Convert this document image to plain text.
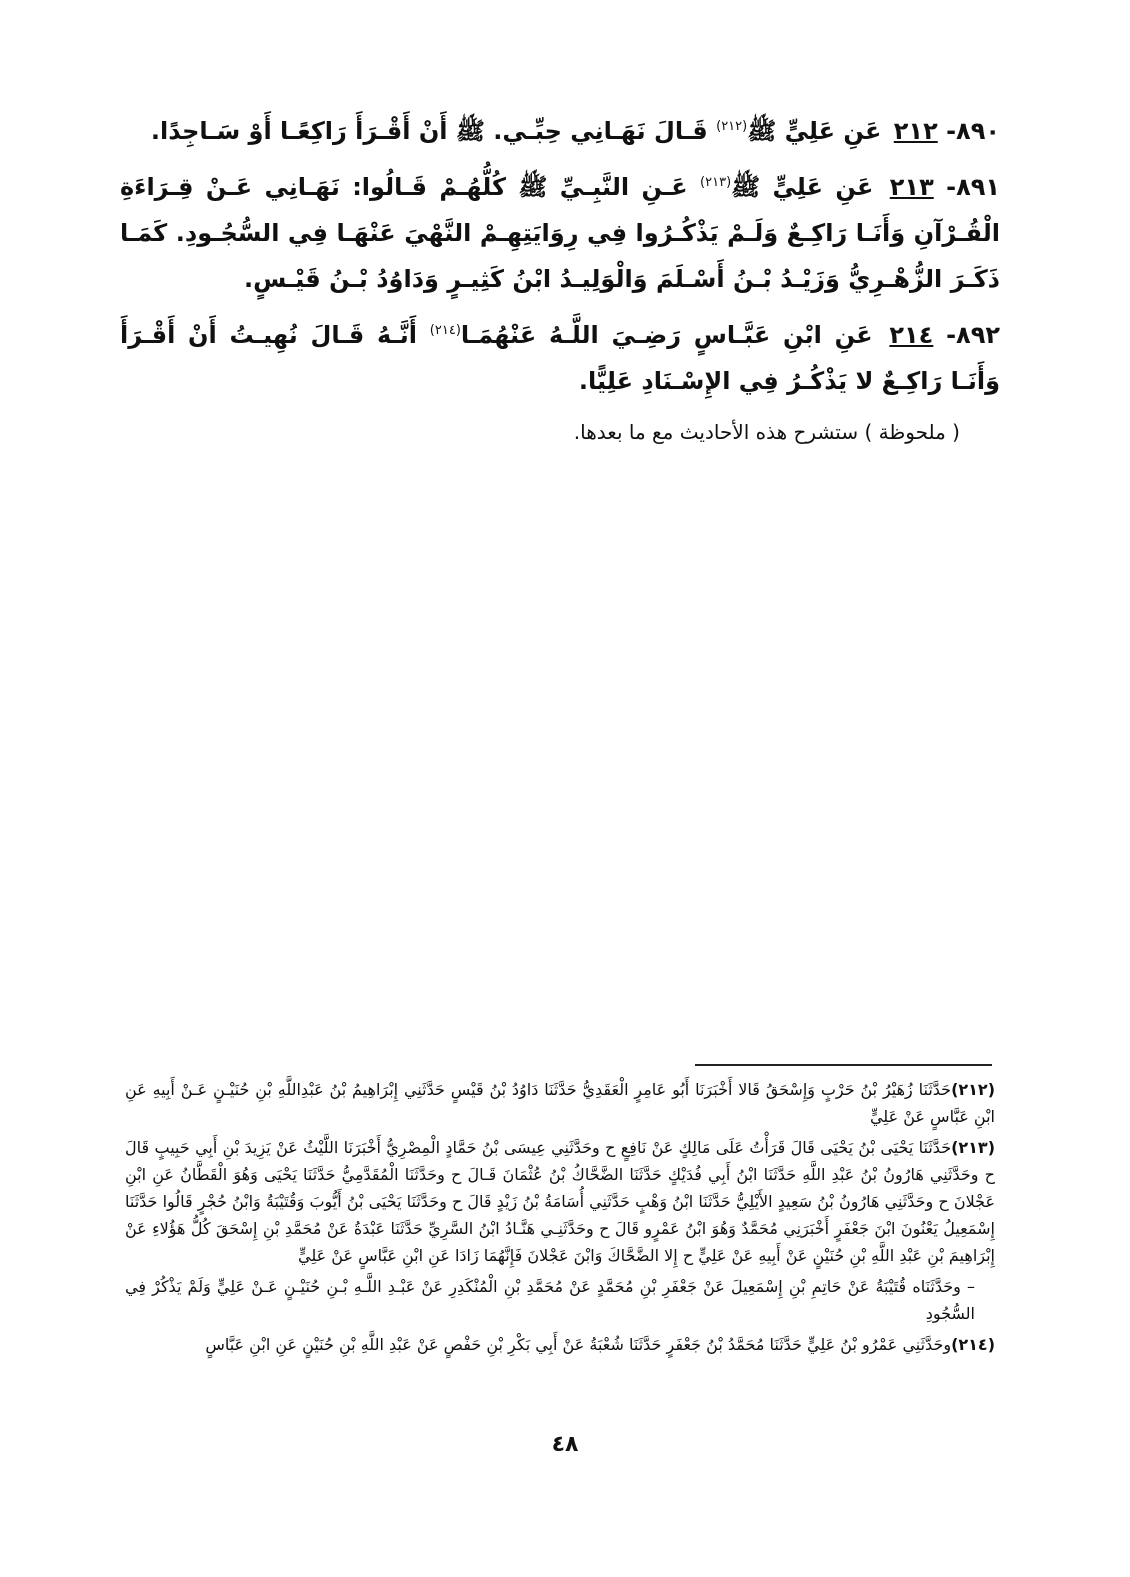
٨٩٠- ٢١٢ عَنِ عَلِيٍّ ﷺ$^{(٢١٢)}$ قَـالَ نَهَـانِي حِبِّـي. ﷺ أَنْ أَقْـرَأَ رَاكِعًـا أَوْ سَـاجِدًا.

٨٩١- ٢١٣ عَنِ عَلِيٍّ ﷺ$^{(٢١٣)}$ عَـنِ النَّبِـيِّ ﷺ كُلُّهُـمْ قَـالُوا: نَهَـانِي عَـنْ قِـرَاءَةِ الْقُـرْآنِ وَأَنَـا رَاكِـعٌ وَلَـمْ يَذْكُـرُوا فِي رِوَايَتِهِـمْ النَّهْيَ عَنْهَـا فِي السُّجُـودِ. كَمَـا ذَكَـرَ الزُّهْـرِيُّ وَزَيْـدُ بْـنُ أَسْـلَمَ وَالْوَلِيـدُ ابْنُ كَثِيـرٍ وَدَاوُدُ بْـنُ قَيْـسٍ.

٨٩٢- ٢١٤ عَنِ ابْنِ عَبَّـاسٍ رَضِـيَ اللَّـهُ عَنْهُمَـا$^{(٢١٤)}$ أَنَّـهُ قَـالَ نُهِيـتُ أَنْ أَقْـرَأَ وَأَنَـا رَاكِـعٌ لا يَذْكُـرُ فِي الإِسْـنَادِ عَلِيًّا.

( ملحوظة ) ستشرح هذه الأحاديث مع ما بعدها.

(٢١٢)حَدَّثَنَا زُهَيْرُ بْنُ حَرْبٍ وَإِسْحَقُ قَالا أَخْبَرَنَا أَبُو عَامِرٍ الْعَقَدِيُّ حَدَّثَنَا دَاوُدُ بْنُ قَيْسٍ حَدَّثَنِي إِبْرَاهِيمُ بْنُ عَبْدِاللَّهِ بْنِ حُنَيْـنٍ عَـنْ أَبِيهِ عَنِ ابْنِ عَبَّاسٍ عَنْ عَلِيٍّ

(٢١٣)حَدَّثَنَا يَحْيَى بْنُ يَحْيَى قَالَ قَرَأْتُ عَلَى مَالِكٍ عَنْ نَافِعٍ ح وحَدَّثَنِي عِيسَى بْنُ حَمَّادٍ الْمِصْرِيُّ أَخْبَرَنَا اللَّيْثُ عَنْ يَزِيدَ بْنِ أَبِي حَبِيبٍ قَالَ ح وحَدَّثَنِي هَارُونُ بْنُ عَبْدِ اللَّهِ حَدَّثَنَا ابْنُ أَبِي فُدَيْكٍ حَدَّثَنَا الضَّحَّاكُ بْنُ عُثْمَانَ قَـالَ ح وحَدَّثَنَا الْمُقَدَّمِيُّ حَدَّثَنَا يَحْيَى وَهُوَ الْقَطَّانُ عَنِ ابْنِ عَجْلانَ ح وحَدَّثَنِي هَارُونُ بْنُ سَعِيدٍ الأَيْلِيُّ حَدَّثَنَا ابْنُ وَهْبٍ حَدَّثَنِي أُسَامَةُ بْنُ زَيْدٍ قَالَ ح وحَدَّثَنَا يَحْيَى بْنُ أَيُّوبَ وَقُتَيْبَةُ وَابْنُ حُجْرٍ قَالُوا حَدَّثَنَا إِسْمَعِيلُ يَعْنُونَ ابْنَ جَعْفَرٍ أَخْبَرَنِي مُحَمَّدٌ وَهُوَ ابْنُ عَمْرٍو قَالَ ح وحَدَّثَنِـي هَنَّـادُ ابْنُ السَّرِيِّ حَدَّثَنَا عَبْدَةُ عَنْ مُحَمَّدِ بْنِ إِسْحَقَ كُلُّ هَؤُلاءِ عَنْ إِبْرَاهِيمَ بْنِ عَبْدِ اللَّهِ بْنِ حُنَيْنٍ عَنْ أَبِيهِ عَنْ عَلِيٍّ ح إِلا الضَّحَّاكَ وَابْنَ عَجْلانَ فَإِنَّهُمَا زَادَا عَنِ ابْنِ عَبَّاسٍ عَنْ عَلِيٍّ

– وحَدَّثَنَاه قُتَيْبَةُ عَنْ حَاتِمِ بْنِ إِسْمَعِيلَ عَنْ جَعْفَرِ بْنِ مُحَمَّدٍ عَنْ مُحَمَّدِ بْنِ الْمُنْكَدِرِ عَنْ عَبْـدِ اللَّـهِ بْـنِ حُنَيْـنٍ عَـنْ عَلِيٍّ وَلَمْ يَذْكُرْ فِي السُّجُودِ

(٢١٤)وحَدَّثَنِي عَمْرُو بْنُ عَلِيٍّ حَدَّثَنَا مُحَمَّدُ بْنُ جَعْفَرٍ حَدَّثَنَا شُعْبَةُ عَنْ أَبِي بَكْرِ بْنِ حَفْصٍ عَنْ عَبْدِ اللَّهِ بْنِ حُنَيْنٍ عَنِ ابْنِ عَبَّاسٍ

٤٨
